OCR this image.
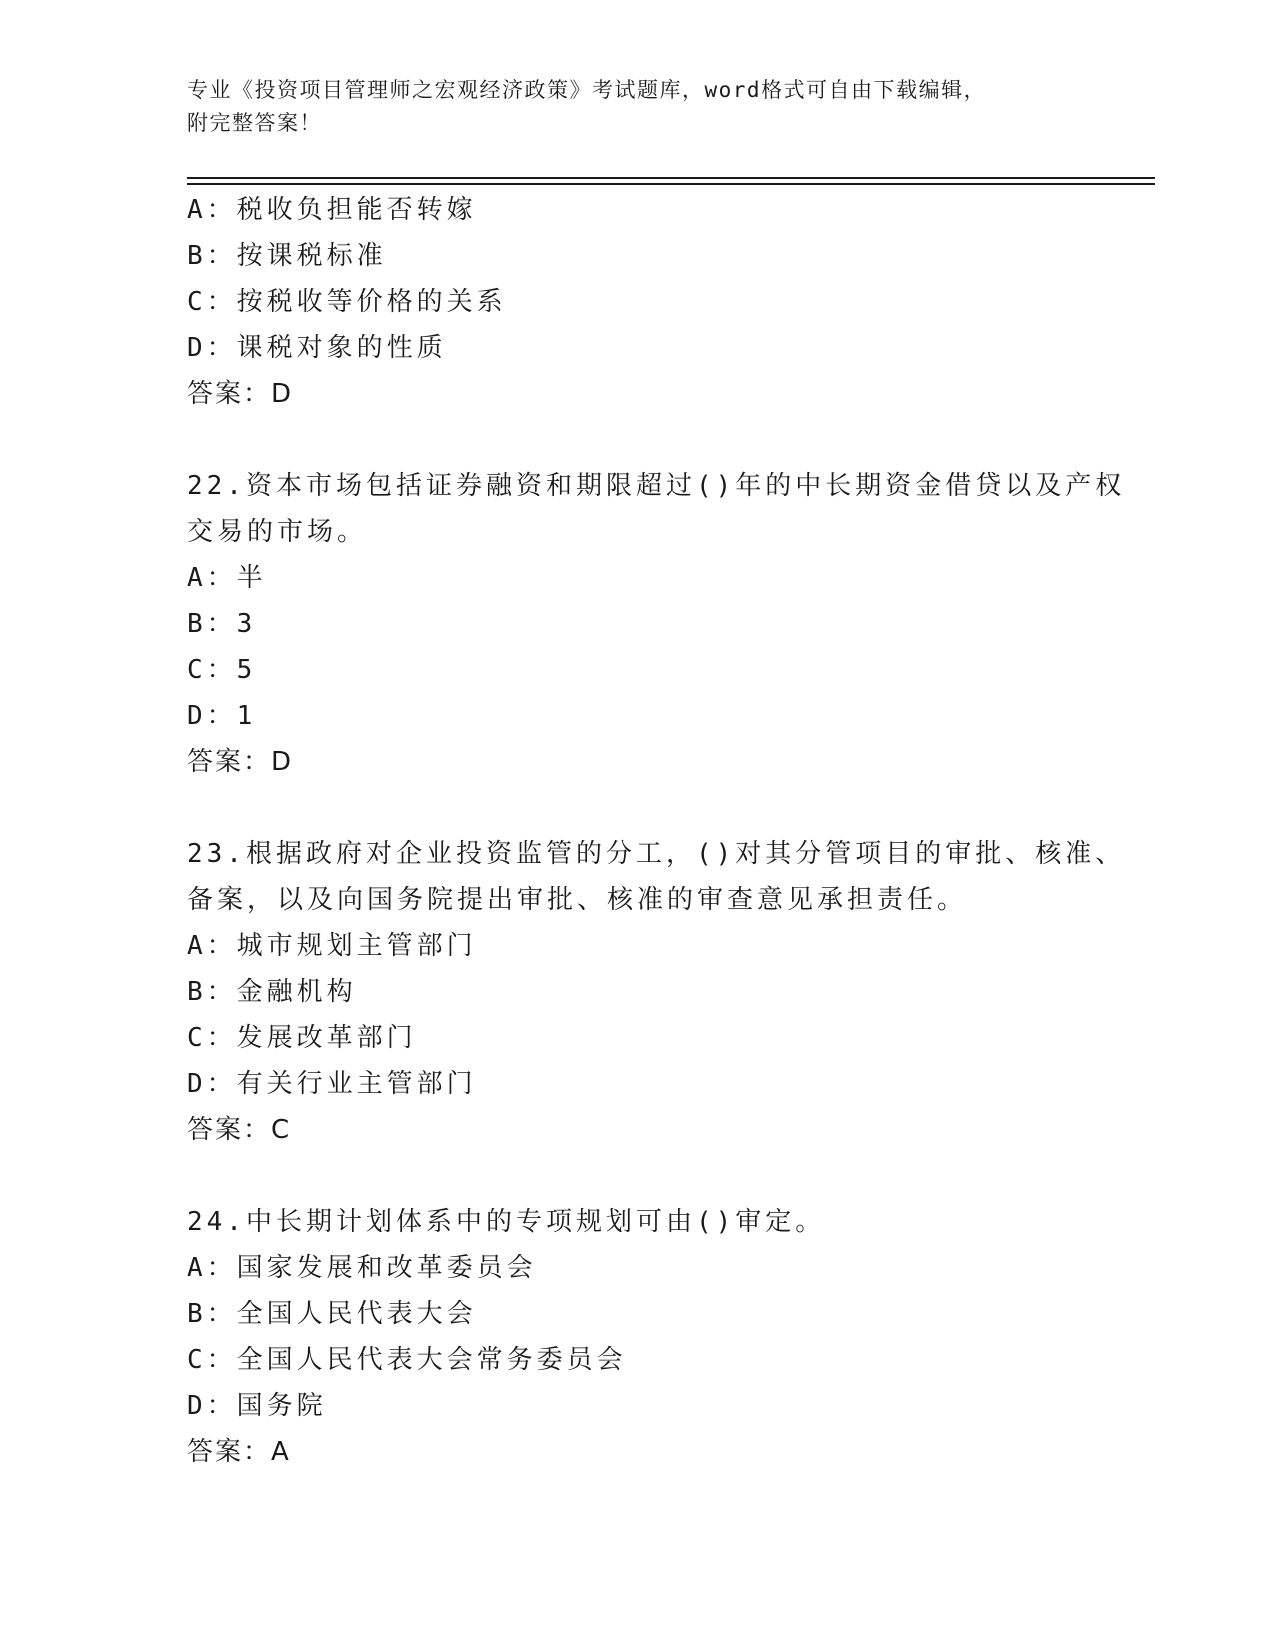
专业《投资项目管理师之宏观经济政策》考试题库，word格式可自由下载编辑，
附完整答案！
A：税收负担能否转嫁
B：按课税标准
C：按税收等价格的关系
D：课税对象的性质
答案：D
22.资本市场包括证券融资和期限超过()年的中长期资金借贷以及产权
交易的市场。
A：半
B：3
C：5
D：1
答案：D
23.根据政府对企业投资监管的分工，()对其分管项目的审批、核准、
备案，以及向国务院提出审批、核准的审查意见承担责任。
A：城市规划主管部门
B：金融机构
C：发展改革部门
D：有关行业主管部门
答案：C
24.中长期计划体系中的专项规划可由()审定。
A：国家发展和改革委员会
B：全国人民代表大会
C：全国人民代表大会常务委员会
D：国务院
答案：A
